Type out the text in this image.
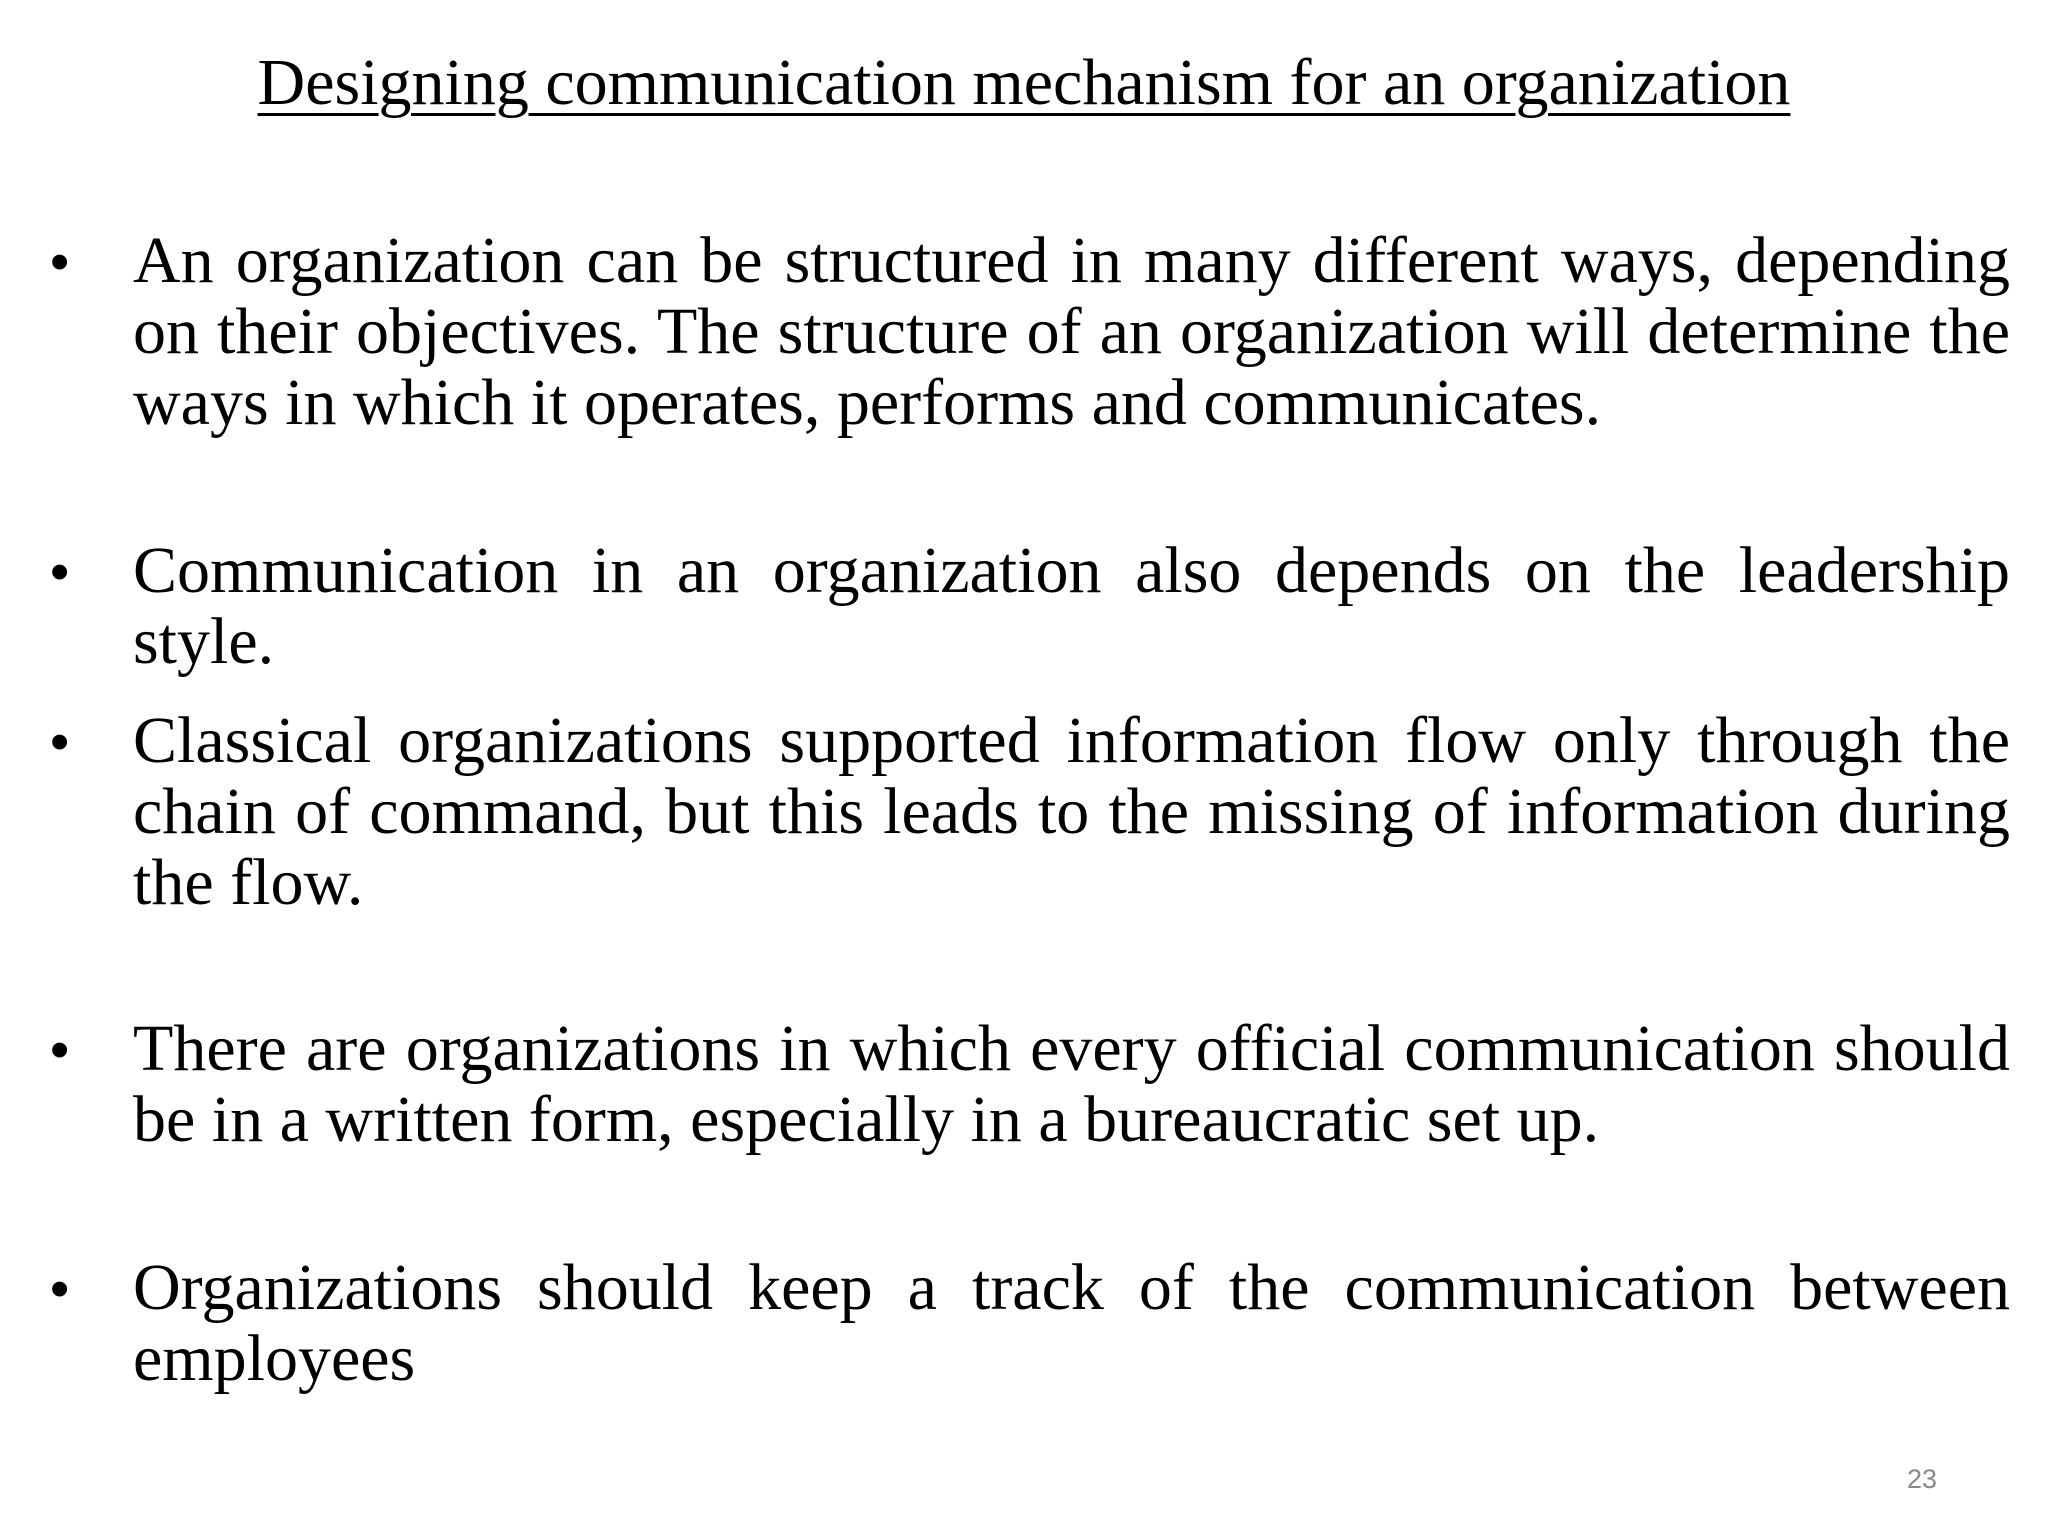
Designing communication mechanism for an organization
• An organization can be structured in many different ways, depending on their objectives. The structure of an organization will determine the ways in which it operates, performs and communicates.
• Communication in an organization also depends on the leadership style.
• Classical organizations supported information flow only through the chain of command, but this leads to the missing of information during the flow.
• There are organizations in which every official communication should be in a written form, especially in a bureaucratic set up.
• Organizations should keep a track of the communication between employees
23
